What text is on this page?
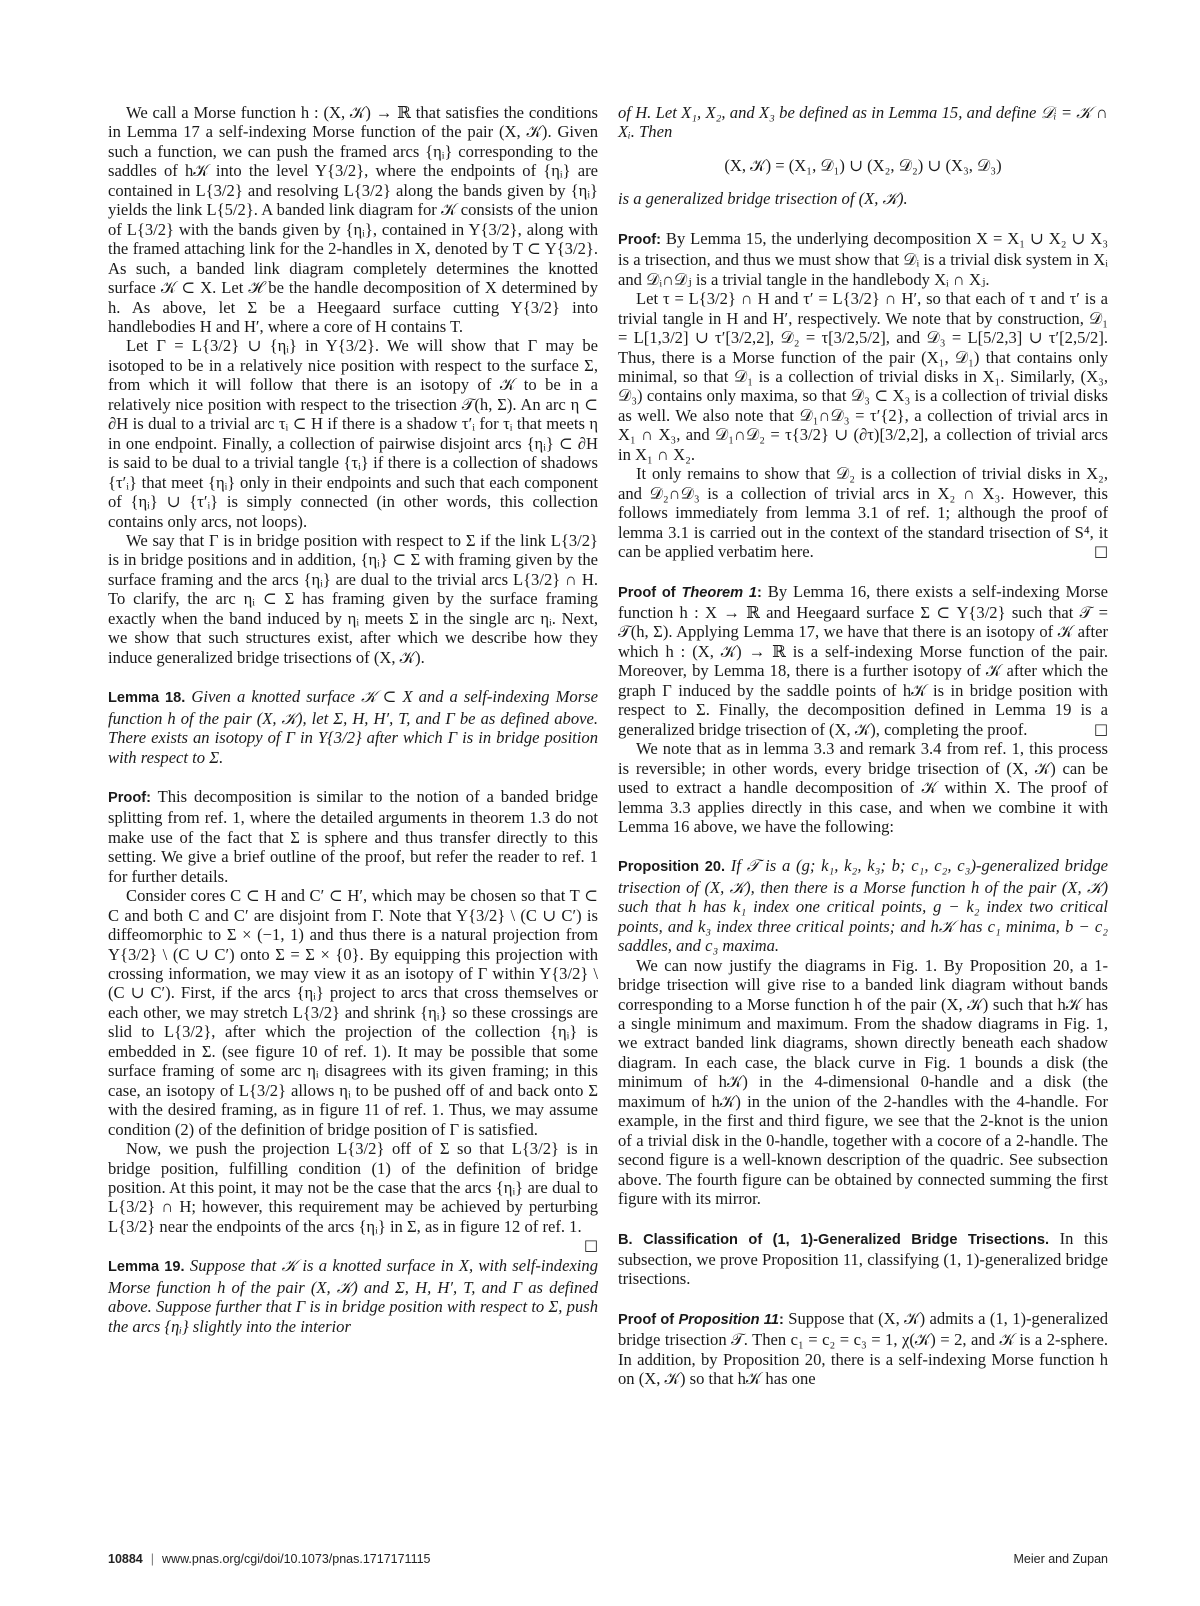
We call a Morse function h : (X, 𝒦) → ℝ that satisfies the conditions in Lemma 17 a self-indexing Morse function of the pair (X, 𝒦). Given such a function, we can push the framed arcs {ηᵢ} corresponding to the saddles of h𝒦 into the level Y{3/2}, where the endpoints of {ηᵢ} are contained in L{3/2} and resolving L{3/2} along the bands given by {ηᵢ} yields the link L{5/2}. A banded link diagram for 𝒦 consists of the union of L{3/2} with the bands given by {ηᵢ}, contained in Y{3/2}, along with the framed attaching link for the 2-handles in X, denoted by T ⊂ Y{3/2}. As such, a banded link diagram completely determines the knotted surface 𝒦 ⊂ X. Let ℋ be the handle decomposition of X determined by h. As above, let Σ be a Heegaard surface cutting Y{3/2} into handlebodies H and H′, where a core of H contains T.

Let Γ = L{3/2} ∪ {ηᵢ} in Y{3/2}. We will show that Γ may be isotoped to be in a relatively nice position with respect to the surface Σ, from which it will follow that there is an isotopy of 𝒦 to be in a relatively nice position with respect to the trisection 𝒯(h, Σ). An arc η ⊂ ∂H is dual to a trivial arc τᵢ ⊂ H if there is a shadow τ′ᵢ for τᵢ that meets η in one endpoint. Finally, a collection of pairwise disjoint arcs {ηᵢ} ⊂ ∂H is said to be dual to a trivial tangle {τᵢ} if there is a collection of shadows {τ′ᵢ} that meet {ηᵢ} only in their endpoints and such that each component of {ηᵢ} ∪ {τ′ᵢ} is simply connected (in other words, this collection contains only arcs, not loops).

We say that Γ is in bridge position with respect to Σ if the link L{3/2} is in bridge positions and in addition, {ηᵢ} ⊂ Σ with framing given by the surface framing and the arcs {ηᵢ} are dual to the trivial arcs L{3/2} ∩ H. To clarify, the arc ηᵢ ⊂ Σ has framing given by the surface framing exactly when the band induced by ηᵢ meets Σ in the single arc ηᵢ. Next, we show that such structures exist, after which we describe how they induce generalized bridge trisections of (X, 𝒦).

Lemma 18. Given a knotted surface 𝒦 ⊂ X and a self-indexing Morse function h of the pair (X, 𝒦), let Σ, H, H′, T, and Γ be as defined above. There exists an isotopy of Γ in Y{3/2} after which Γ is in bridge position with respect to Σ.

Proof: This decomposition is similar to the notion of a banded bridge splitting from ref. 1, where the detailed arguments in theorem 1.3 do not make use of the fact that Σ is sphere and thus transfer directly to this setting. We give a brief outline of the proof, but refer the reader to ref. 1 for further details.

Consider cores C ⊂ H and C′ ⊂ H′, which may be chosen so that T ⊂ C and both C and C′ are disjoint from Γ. Note that Y{3/2} \ (C ∪ C′) is diffeomorphic to Σ × (−1, 1) and thus there is a natural projection from Y{3/2} \ (C ∪ C′) onto Σ = Σ × {0}. By equipping this projection with crossing information, we may view it as an isotopy of Γ within Y{3/2} \ (C ∪ C′). First, if the arcs {ηᵢ} project to arcs that cross themselves or each other, we may stretch L{3/2} and shrink {ηᵢ} so these crossings are slid to L{3/2}, after which the projection of the collection {ηᵢ} is embedded in Σ. (see figure 10 of ref. 1). It may be possible that some surface framing of some arc ηᵢ disagrees with its given framing; in this case, an isotopy of L{3/2} allows ηᵢ to be pushed off of and back onto Σ with the desired framing, as in figure 11 of ref. 1. Thus, we may assume condition (2) of the definition of bridge position of Γ is satisfied.

Now, we push the projection L{3/2} off of Σ so that L{3/2} is in bridge position, fulfilling condition (1) of the definition of bridge position. At this point, it may not be the case that the arcs {ηᵢ} are dual to L{3/2} ∩ H; however, this requirement may be achieved by perturbing L{3/2} near the endpoints of the arcs {ηᵢ} in Σ, as in figure 12 of ref. 1.
□

Lemma 19. Suppose that 𝒦 is a knotted surface in X, with self-indexing Morse function h of the pair (X, 𝒦) and Σ, H, H′, T, and Γ as defined above. Suppose further that Γ is in bridge position with respect to Σ, push the arcs {ηᵢ} slightly into the interior

of H. Let X₁, X₂, and X₃ be defined as in Lemma 15, and define 𝒟ᵢ = 𝒦 ∩ Xᵢ. Then

(X, 𝒦) = (X₁, 𝒟₁) ∪ (X₂, 𝒟₂) ∪ (X₃, 𝒟₃)

is a generalized bridge trisection of (X, 𝒦).

Proof: By Lemma 15, the underlying decomposition X = X₁ ∪ X₂ ∪ X₃ is a trisection, and thus we must show that 𝒟ᵢ is a trivial disk system in Xᵢ and 𝒟ᵢ∩𝒟ⱼ is a trivial tangle in the handlebody Xᵢ ∩ Xⱼ.

Let τ = L{3/2} ∩ H and τ′ = L{3/2} ∩ H′, so that each of τ and τ′ is a trivial tangle in H and H′, respectively. We note that by construction, 𝒟₁ = L[1,3/2] ∪ τ′[3/2,2], 𝒟₂ = τ[3/2,5/2], and 𝒟₃ = L[5/2,3] ∪ τ′[2,5/2]. Thus, there is a Morse function of the pair (X₁, 𝒟₁) that contains only minimal, so that 𝒟₁ is a collection of trivial disks in X₁. Similarly, (X₃, 𝒟₃) contains only maxima, so that 𝒟₃ ⊂ X₃ is a collection of trivial disks as well. We also note that 𝒟₁∩𝒟₃ = τ′{2}, a collection of trivial arcs in X₁ ∩ X₃, and 𝒟₁∩𝒟₂ = τ{3/2} ∪ (∂τ)[3/2,2], a collection of trivial arcs in X₁ ∩ X₂.

It only remains to show that 𝒟₂ is a collection of trivial disks in X₂, and 𝒟₂∩𝒟₃ is a collection of trivial arcs in X₂ ∩ X₃. However, this follows immediately from lemma 3.1 of ref. 1; although the proof of lemma 3.1 is carried out in the context of the standard trisection of S⁴, it can be applied verbatim here.	□

Proof of Theorem 1: By Lemma 16, there exists a self-indexing Morse function h : X → ℝ and Heegaard surface Σ ⊂ Y{3/2} such that 𝒯 = 𝒯(h, Σ). Applying Lemma 17, we have that there is an isotopy of 𝒦 after which h : (X, 𝒦) → ℝ is a self-indexing Morse function of the pair. Moreover, by Lemma 18, there is a further isotopy of 𝒦 after which the graph Γ induced by the saddle points of h𝒦 is in bridge position with respect to Σ. Finally, the decomposition defined in Lemma 19 is a generalized bridge trisection of (X, 𝒦), completing the proof.	□

We note that as in lemma 3.3 and remark 3.4 from ref. 1, this process is reversible; in other words, every bridge trisection of (X, 𝒦) can be used to extract a handle decomposition of 𝒦 within X. The proof of lemma 3.3 applies directly in this case, and when we combine it with Lemma 16 above, we have the following:

Proposition 20. If 𝒯 is a (g; k₁, k₂, k₃; b; c₁, c₂, c₃)-generalized bridge trisection of (X, 𝒦), then there is a Morse function h of the pair (X, 𝒦) such that h has k₁ index one critical points, g − k₂ index two critical points, and k₃ index three critical points; and h𝒦 has c₁ minima, b − c₂ saddles, and c₃ maxima.

We can now justify the diagrams in Fig. 1. By Proposition 20, a 1-bridge trisection will give rise to a banded link diagram without bands corresponding to a Morse function h of the pair (X, 𝒦) such that h𝒦 has a single minimum and maximum. From the shadow diagrams in Fig. 1, we extract banded link diagrams, shown directly beneath each shadow diagram. In each case, the black curve in Fig. 1 bounds a disk (the minimum of h𝒦) in the 4-dimensional 0-handle and a disk (the maximum of h𝒦) in the union of the 2-handles with the 4-handle. For example, in the first and third figure, we see that the 2-knot is the union of a trivial disk in the 0-handle, together with a cocore of a 2-handle. The second figure is a well-known description of the quadric. See subsection above. The fourth figure can be obtained by connected summing the first figure with its mirror.

B. Classification of (1, 1)-Generalized Bridge Trisections. In this subsection, we prove Proposition 11, classifying (1, 1)-generalized bridge trisections.

Proof of Proposition 11: Suppose that (X, 𝒦) admits a (1, 1)-generalized bridge trisection 𝒯. Then c₁ = c₂ = c₃ = 1, χ(𝒦) = 2, and 𝒦 is a 2-sphere. In addition, by Proposition 20, there is a self-indexing Morse function h on (X, 𝒦) so that h𝒦 has one

10884 | www.pnas.org/cgi/doi/10.1073/pnas.1717171115	Meier and Zupan
